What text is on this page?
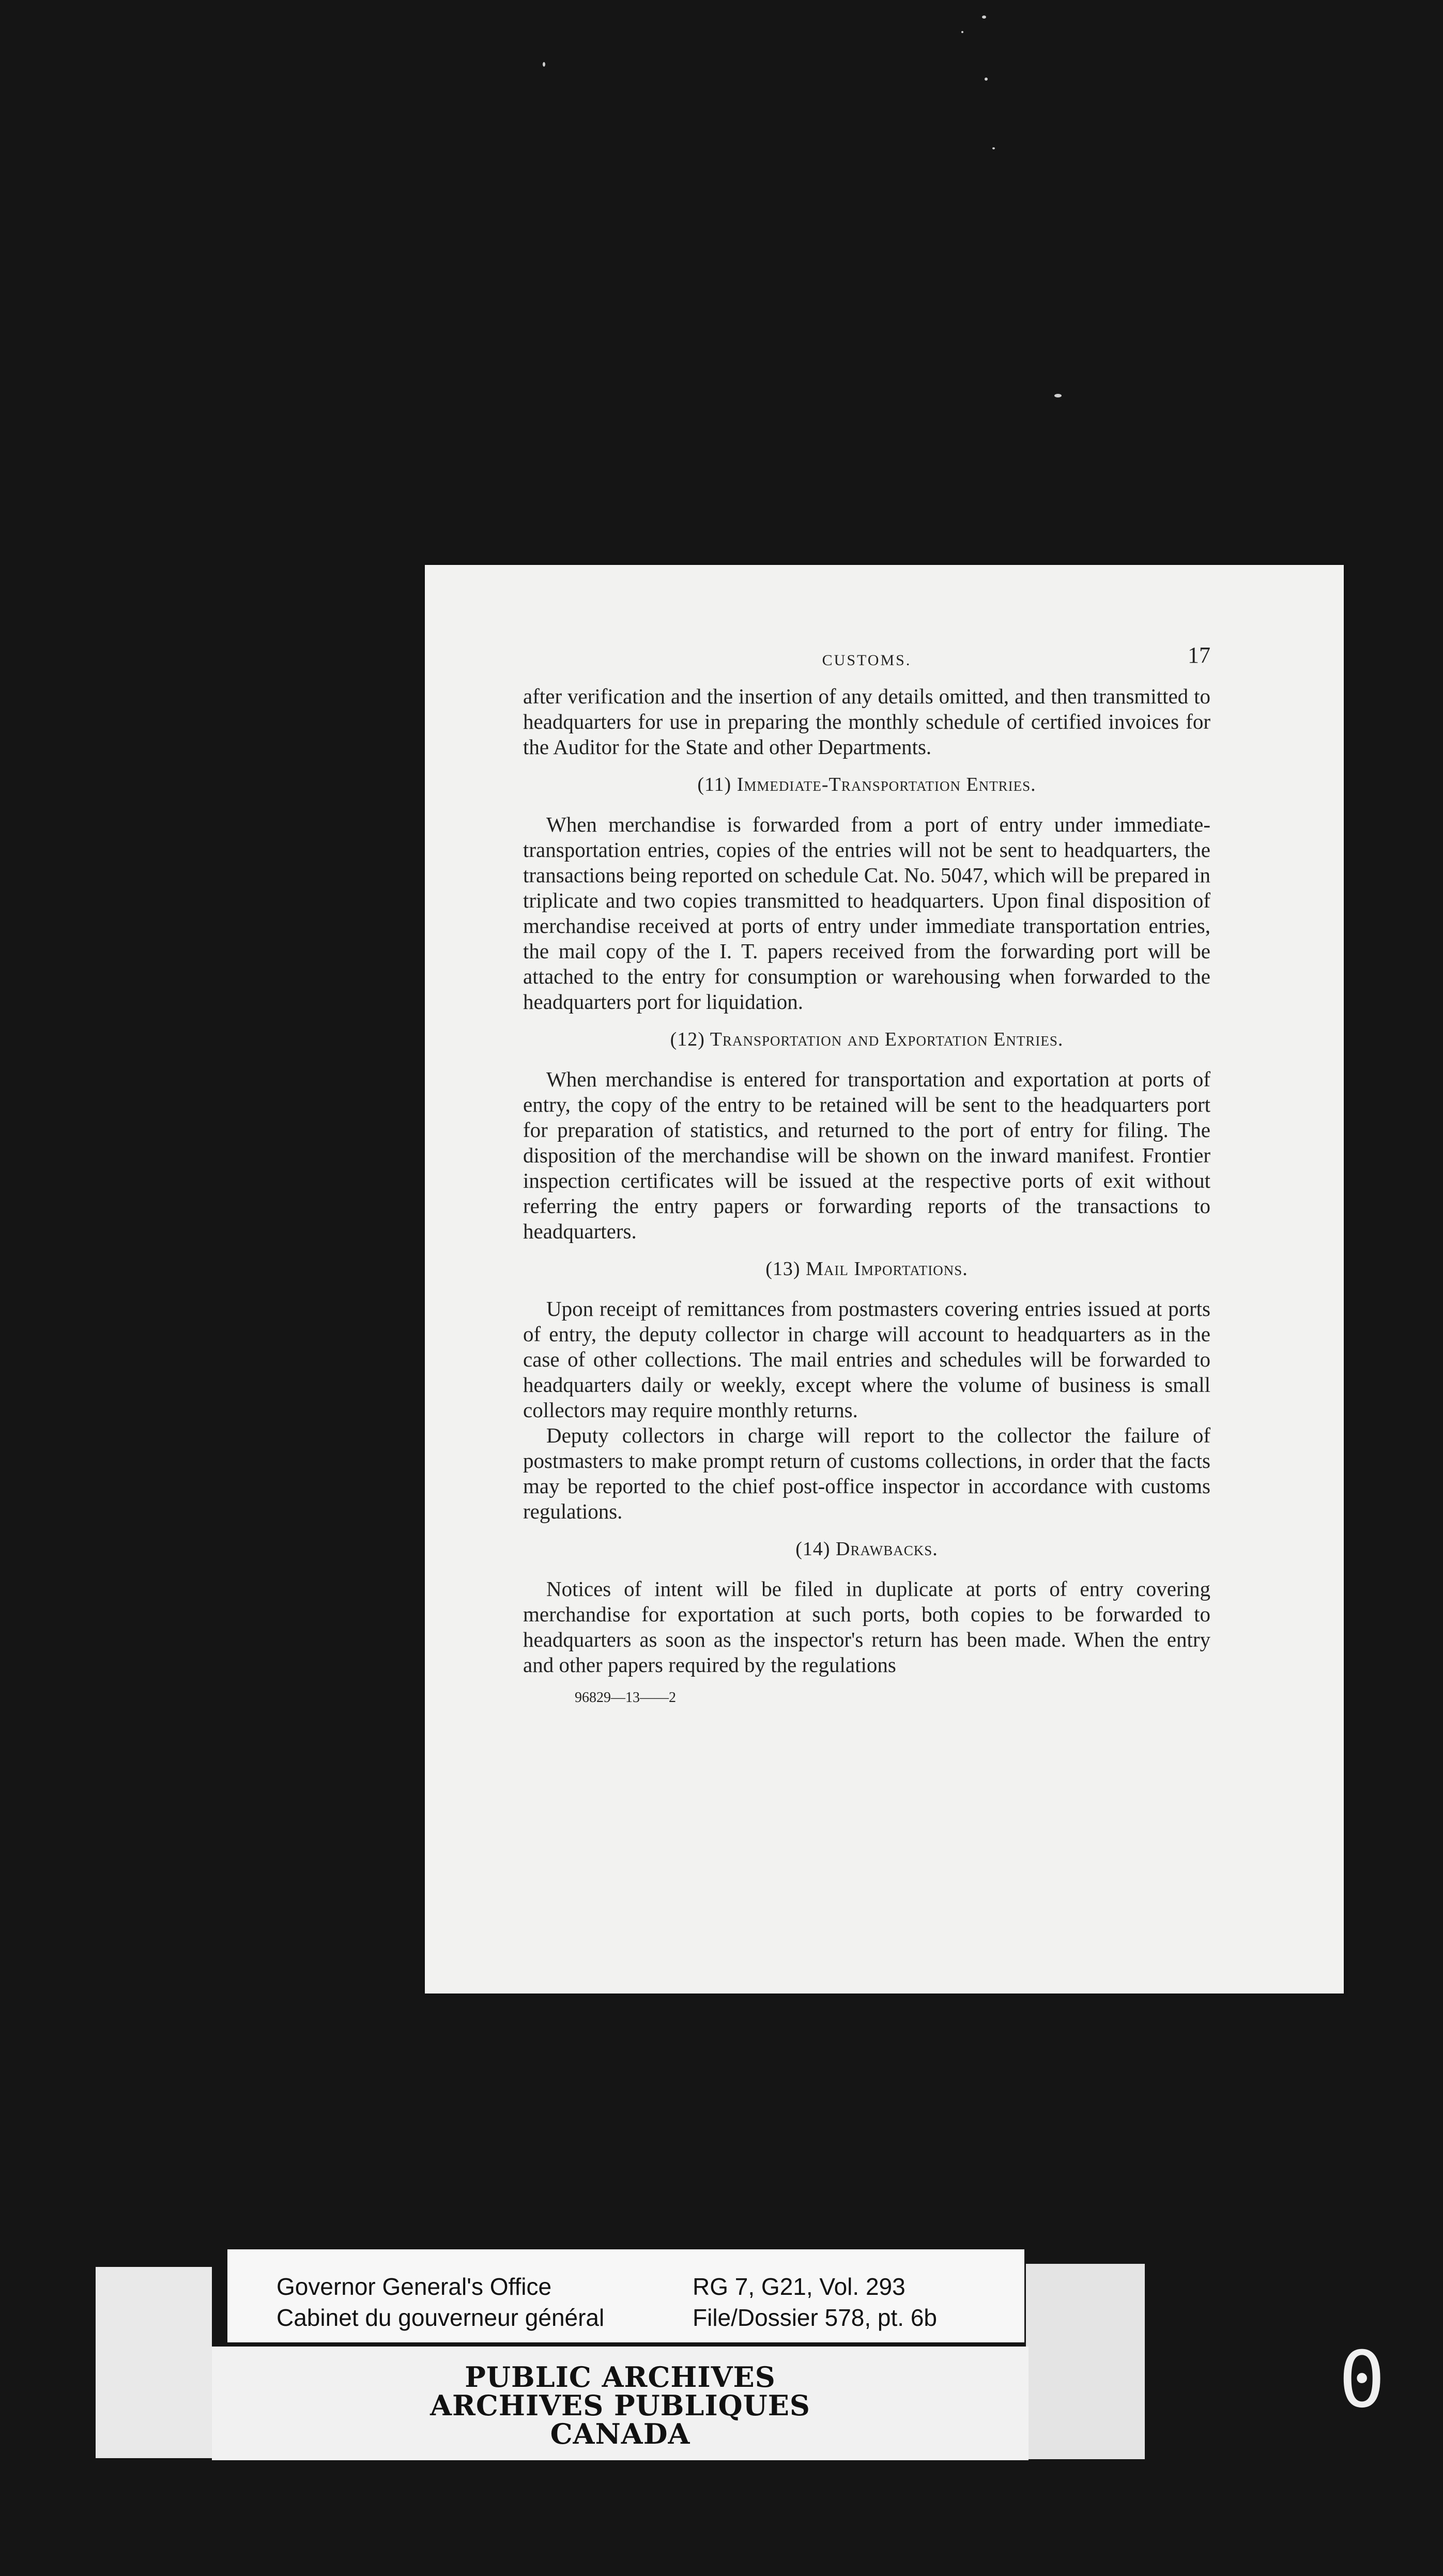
CUSTOMS.	17

after verification and the insertion of any details omitted, and then transmitted to headquarters for use in preparing the monthly schedule of certified invoices for the Auditor for the State and other Departments.

(11) Immediate-Transportation Entries.

When merchandise is forwarded from a port of entry under immediate-transportation entries, copies of the entries will not be sent to headquarters, the transactions being reported on schedule Cat. No. 5047, which will be prepared in triplicate and two copies transmitted to headquarters. Upon final disposition of merchandise received at ports of entry under immediate transportation entries, the mail copy of the I. T. papers received from the forwarding port will be attached to the entry for consumption or warehousing when forwarded to the headquarters port for liquidation.

(12) Transportation and Exportation Entries.

When merchandise is entered for transportation and exportation at ports of entry, the copy of the entry to be retained will be sent to the headquarters port for preparation of statistics, and returned to the port of entry for filing. The disposition of the merchandise will be shown on the inward manifest. Frontier inspection certificates will be issued at the respective ports of exit without referring the entry papers or forwarding reports of the transactions to headquarters.

(13) Mail Importations.

Upon receipt of remittances from postmasters covering entries issued at ports of entry, the deputy collector in charge will account to headquarters as in the case of other collections. The mail entries and schedules will be forwarded to headquarters daily or weekly, except where the volume of business is small collectors may require monthly returns.

Deputy collectors in charge will report to the collector the failure of postmasters to make prompt return of customs collections, in order that the facts may be reported to the chief post-office inspector in accordance with customs regulations.

(14) Drawbacks.

Notices of intent will be filed in duplicate at ports of entry covering merchandise for exportation at such ports, both copies to be forwarded to headquarters as soon as the inspector's return has been made. When the entry and other papers required by the regulations

96829—13——2
Governor General's Office
Cabinet du gouverneur général
RG 7, G21, Vol. 293
File/Dossier 578, pt. 6b
PUBLIC ARCHIVES
ARCHIVES PUBLIQUES
CANADA
0
